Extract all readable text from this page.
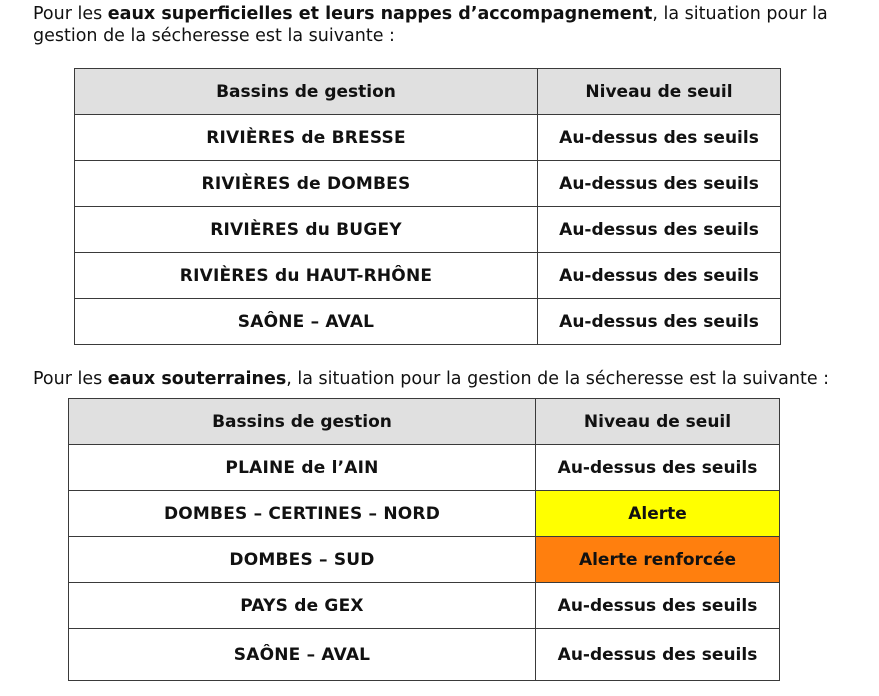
Pour les eaux superficielles et leurs nappes d’accompagnement, la situation pour la gestion de la sécheresse est la suivante :

Bassins de gestion	Niveau de seuil
RIVIÈRES de BRESSE	Au-dessus des seuils
RIVIÈRES de DOMBES	Au-dessus des seuils
RIVIÈRES du BUGEY	Au-dessus des seuils
RIVIÈRES du HAUT-RHÔNE	Au-dessus des seuils
SAÔNE – AVAL	Au-dessus des seuils

Pour les eaux souterraines, la situation pour la gestion de la sécheresse est la suivante :

Bassins de gestion	Niveau de seuil
PLAINE de l’AIN	Au-dessus des seuils
DOMBES – CERTINES – NORD	Alerte
DOMBES – SUD	Alerte renforcée
PAYS de GEX	Au-dessus des seuils
SAÔNE – AVAL	Au-dessus des seuils
